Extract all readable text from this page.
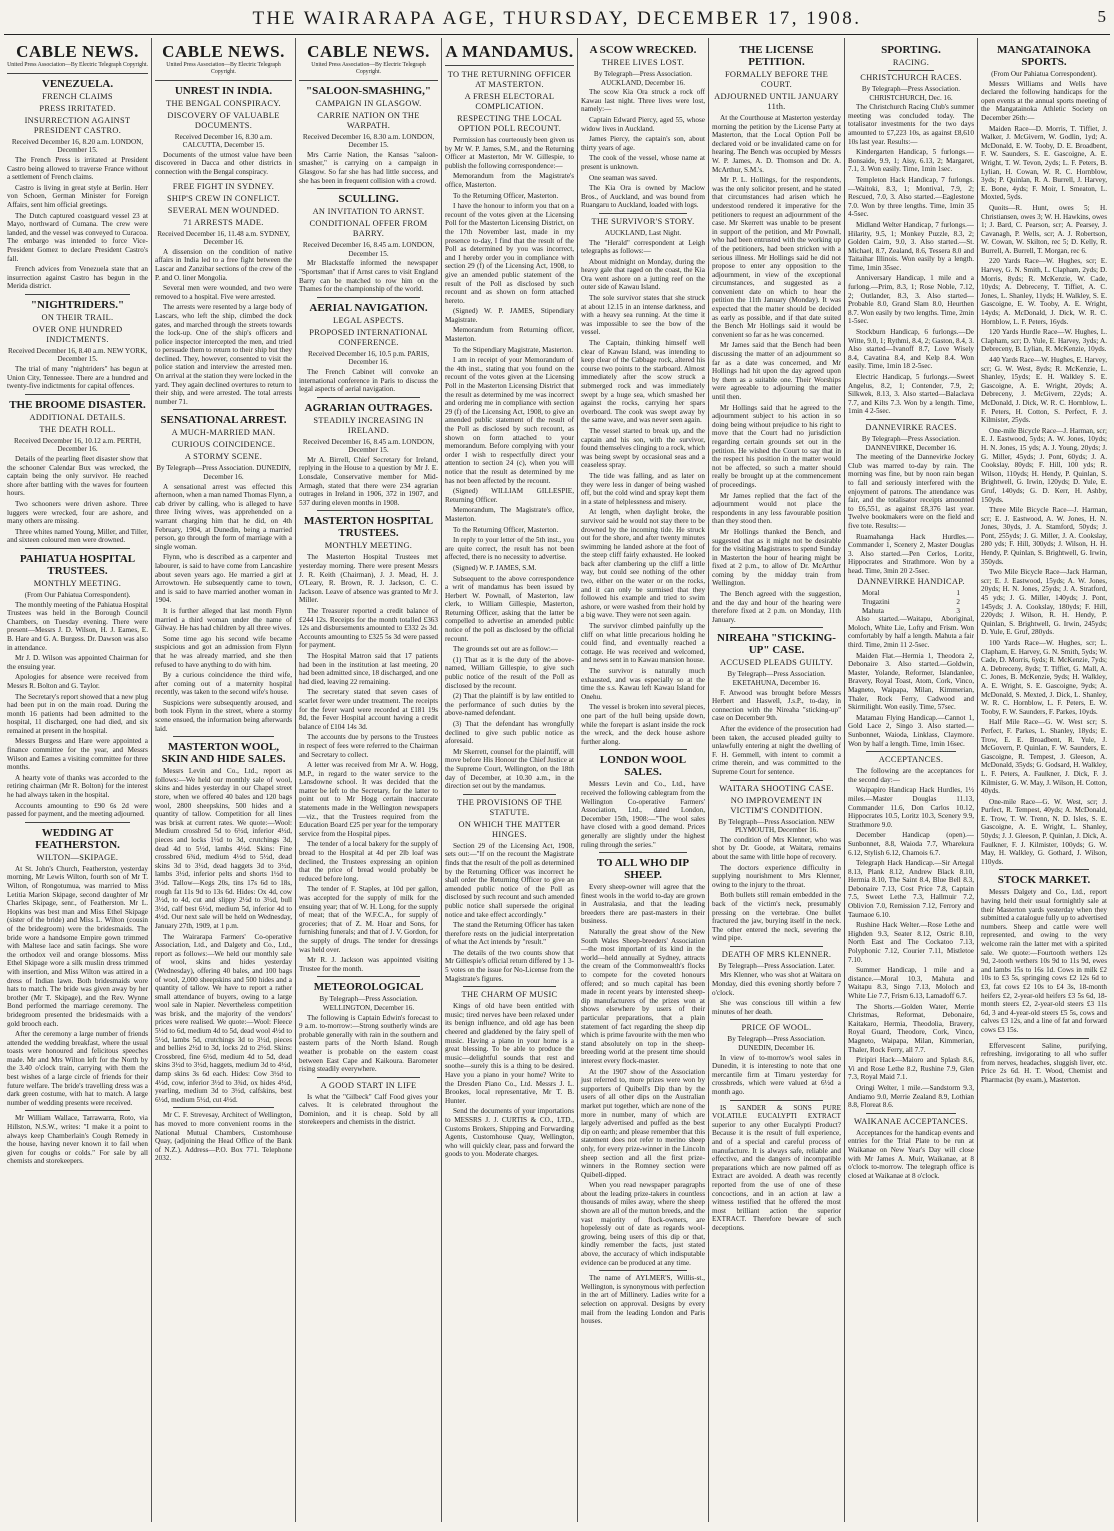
THE WAIRARAPA AGE, THURSDAY, DECEMBER 17, 1908.	5
CABLE NEWS.
United Press Association—By Electric Telegraph Copyright.
VENEZUELA.
FRENCH CLAIMS
PRESS IRRITATED.
INSURRECTION AGAINST PRESIDENT CASTRO.
Received December 16, 8.20 a.m. LONDON, December 15.

The French Press is irritated at President Castro being allowed to traverse France without a settlement of French claims.

Castro is living in great style at Berlin. Herr von Schoen, German Minister for Foreign Affairs, sent him official greetings.

The Dutch captured coastguard vessel 23 at Mayo, northward of Cumana. The crew were landed, and the vessel was conveyed to Curacoa. The embargo was intended to force Vice-President Gomez to declare President Castro's fall.

French advices from Venezuela state that an insurrection against Castro has begun in the Merida district.

"NIGHTRIDERS."
ON THEIR TRAIL.
OVER ONE HUNDRED INDICTMENTS.
Received December 16, 8.40 a.m. NEW YORK, December 15.

The trial of many "nightriders" has begun at Union City, Tennessee. There are a hundred and twenty-five indictments for capital offences.

THE BROOME DISASTER.
ADDITIONAL DETAILS.
THE DEATH ROLL.
Received December 16, 10.12 a.m. PERTH, December 16.

Details of the pearling fleet disaster show that the schooner Calendar Bux was wrecked, the captain being the only survivor. He reached shore after battling with the waves for fourteen hours.

Two schooners were driven ashore. Three luggers were wrecked, four are ashore, and many others are missing.

Three whites named Young, Miller, and Tiller, and sixteen coloured men were drowned.

PAHIATUA HOSPITAL TRUSTEES.
MONTHLY MEETING.
(From Our Pahiatua Correspondent).

The monthly meeting of the Pahiatua Hospital Trustees was held in the Borough Council Chambers, on Tuesday evening. There were present—Messrs J. D. Wilson, H. J. Eames, E. B. Hare and G. A. Burgess. Dr. Dawson was also in attendance.

Mr J. D. Wilson was appointed Chairman for the ensuing year.

Apologies for absence were received from Messrs R. Bolton and G. Taylor.

The Secretary's report showed that a new plug had been put in on the main road. During the month 16 patients had been admitted to the hospital, 11 discharged, one had died, and six remained at present in the hospital.

Messrs Burgess and Hare were appointed a finance committee for the year, and Messrs Wilson and Eames a visiting committee for three months.

A hearty vote of thanks was accorded to the retiring chairman (Mr R. Bolton) for the interest he had always taken in the hospital.

Accounts amounting to £90 6s 2d were passed for payment, and the meeting adjourned.

WEDDING AT FEATHERSTON.
WILTON—SKIPAGE.

At St. John's Church, Featherston, yesterday morning, Mr Lewis Wilton, fourth son of Mr T. Wilton, of Rongotumua, was married to Miss Letitia Marion Skipage, second daughter of Mr Charles Skipage, senr., of Featherston. Mr L. Hopkins was best man and Miss Ethel Skipage (sister of the bride) and Miss L. Wilton (cousin of the bridegroom) were the bridesmaids. The bride wore a handsome Empire gown trimmed with Maltese lace and satin facings. She wore the orthodox veil and orange blossoms. Miss Ethel Skipage wore a silk muslin dress trimmed with insertion, and Miss Wilton was attired in a dress of Indian lawn. Both bridesmaids wore hats to match. The bride was given away by her brother (Mr T. Skipage), and the Rev. Wynne Bond performed the marriage ceremony. The bridegroom presented the bridesmaids with a gold brooch each.

After the ceremony a large number of friends attended the wedding breakfast, where the usual toasts were honoured and felicitous speeches made. Mr and Mrs Wilton left for the North by the 3.40 o'clock train, carrying with them the best wishes of a large circle of friends for their future welfare. The bride's travelling dress was a dark green costume, with hat to match. A large number of wedding presents were received.

Mr William Wallace, Tarrawarra, Roto, via Hillston, N.S.W., writes: "I make it a point to always keep Chamberlain's Cough Remedy in the house, having never known it to fail when given for coughs or colds." For sale by all chemists and storekeepers.

CABLE NEWS.
United Press Association—By Electric Telegraph Copyright.
UNREST IN INDIA.
THE BENGAL CONSPIRACY.
DISCOVERY OF VALUABLE DOCUMENTS.
Received December 16, 8.30 a.m. CALCUTTA, December 15.

Documents of the utmost value have been discovered in Dacca and other districts in connection with the Bengal conspiracy.

FREE FIGHT IN SYDNEY.
SHIP'S CREW IN CONFLICT.
SEVERAL MEN WOUNDED.
71 ARRESTS MADE.
Received December 16, 11.48 a.m. SYDNEY, December 16.

A dissension on the condition of native affairs in India led to a free fight between the Lascar and Zanzibar sections of the crew of the P. and O. liner Mongolia.

Several men were wounded, and two were removed to a hospital. Five were arrested.

The arrests were resented by a large body of Lascars, who left the ship, climbed the dock gates, and marched through the streets towards the lock-up. One of the ship's officers and police inspector intercepted the men, and tried to persuade them to return to their ship but they declined. They, however, consented to visit the police station and interview the arrested men. On arrival at the station they were locked in the yard. They again declined overtures to return to their ship, and were arrested. The total arrests number 71.

SENSATIONAL ARREST.
A MUCH-MARRIED MAN.
CURIOUS COINCIDENCE.
A STORMY SCENE.
By Telegraph—Press Association. DUNEDIN, December 16.

A sensational arrest was effected this afternoon, when a man named Thomas Flynn, a cab driver by calling, who is alleged to have three living wives, was apprehended on a warrant charging him that he did, on 4th February, 1904, at Dunedin, being a married person, go through the form of marriage with a single woman.

Flynn, who is described as a carpenter and labourer, is said to have come from Lancashire about seven years ago. He married a girl at Arrowtown. He subsequently came to town, and is said to have married another woman in 1904.

It is further alleged that last month Flynn married a third woman under the name of Gilway. He has had children by all three wives.

Some time ago his second wife became suspicious and got an admission from Flynn that he was already married, and she then refused to have anything to do with him.

By a curious coincidence the third wife, after coming out of a maternity hospital recently, was taken to the second wife's house.

Suspicions were subsequently aroused, and both took Flynn in the street, where a stormy scene ensued, the information being afterwards laid.

MASTERTON WOOL, SKIN AND HIDE SALES.

Messrs Levin and Co., Ltd., report as follows:—We held our monthly sale of wool, skins and hides yesterday in our Chapel street store, when we offered 40 bales and 120 bags wool, 2800 sheepskins, 500 hides and a quantity of tallow. Competition for all lines was brisk at current rates. We quote:—Wool: Medium crossbred 5d to 6½d, inferior 4½d, pieces and locks 1½d to 3d, crutchings 3d, dead 4d to 5½d, lambs 4½d. Skins: Fine crossbred 6¾d, medium 4½d to 5½d, dead skins 3d to 3½d, dead haggets 3d to 3½d, lambs 3½d, inferior pelts and shorts 1½d to 3½d. Tallow—Kegs 20s, tins 17s 6d to 18s, rough fat 11s 9d to 13s 6d. Hides: Ox 4d, cow 3½d, to 4d, cut and slippy 2½d to 3½d, bull 3½d, calf best 6½d, medium 5d, inferior 4d to 4½d. Our next sale will be held on Wednesday, January 27th, 1909, at 1 p.m.

The Wairarapa Farmers' Co-operative Association, Ltd., and Dalgety and Co., Ltd., report as follows:—We held our monthly sale of wool, skins and hides yesterday (Wednesday), offering 40 bales, and 100 bags of wool, 2,000 sheepskins and 500 hides and a quantity of tallow. We have to report a rather small attendance of buyers, owing to a large wool sale in Napier. Nevertheless competition was brisk, and the majority of the vendors' prices were realised. We quote:—Wool: Fleece 5½d to 6d, medium 4d to 5d, dead wool 4½d to 5½d, lambs 5d, crutchings 3d to 3½d, pieces and bellies 2½d to 3d, locks 2d to 2½d. Skins: Crossbred, fine 6½d, medium 4d to 5d, dead skins 3½d to 3½d, haggets, medium 3d to 4½d, damp skins 3s 6d each. Hides: Cow 3½d to 4½d, cow, inferior 3½d to 3¾d, ox hides 4½d, yearling, medium 3d to 3½d, calfskins, best 6½d, medium 5½d, cut 4½d.

Mr C. F. Strevesay, Architect of Wellington, has moved to more convenient rooms in the National Mutual Chambers, Customhouse Quay, (adjoining the Head Office of the Bank of N.Z.). Address—P.O. Box 771. Telephone 2032.

CABLE NEWS.
United Press Association—By Electric Telegraph Copyright.
"SALOON-SMASHING,"
CAMPAIGN IN GLASGOW.
CARRIE NATION ON THE WARPATH.
Received December 16, 8.30 a.m. LONDON, December 15.

Mrs Carrie Nation, the Kansas "saloon-smasher," is carrying on a campaign in Glasgow. So far she has had little success, and she has been in frequent collision with a crowd.

SCULLING.
AN INVITATION TO ARNST.
CONDITIONAL OFFER FROM BARRY.
Received December 16, 8.45 a.m. LONDON, December 15.

Mr Blackstaffe informed the newspaper "Sportsman" that if Arnst cares to visit England Barry can be matched to row him on the Thames for the championship of the world.

AERIAL NAVIGATION.
LEGAL ASPECTS.
PROPOSED INTERNATIONAL CONFERENCE.
Received December 16, 10.5 p.m. PARIS, December 16.

The French Cabinet will convoke an international conference in Paris to discuss the legal aspects of aerial navigation.

AGRARIAN OUTRAGES.
STEADILY INCREASING IN IRELAND.
Received December 16, 8.45 a.m. LONDON, December 15.

Mr A. Birrell, Chief Secretary for Ireland, replying in the House to a question by Mr J. E. Lonsdale, Conservative member for Mid-Armagh, stated that there were 234 agrarian outrages in Ireland in 1906, 372 in 1907, and 537 during eleven months in 1908.

MASTERTON HOSPITAL TRUSTEES.
MONTHLY MEETING.

The Masterton Hospital Trustees met yesterday morning. There were present Messrs J. R. Keith (Chairman), J. J. Mead, H. J. O'Leary, R. Brown, R. J. Jackson, C. C. Jackson. Leave of absence was granted to Mr J. Miller.

The Treasurer reported a credit balance of £244 12s. Receipts for the month totalled £363 12s and disbursements amounted to £332 2s 3d. Accounts amounting to £325 5s 3d were passed for payment.

The Hospital Matron said that 17 patients had been in the institution at last meeting, 20 had been admitted since, 18 discharged, and one had died, leaving 22 remaining.

The secretary stated that seven cases of scarlet fever were under treatment. The receipts for the fever ward were recorded at £181 19s 8d, the Fever Hospital account having a credit balance of £104 14s 3d.

The accounts due by persons to the Trustees in respect of fees were referred to the Chairman and Secretary to collect.

A letter was received from Mr A. W. Hogg, M.P., in regard to the water service to the Lansdowne school. It was decided that the matter be left to the Secretary, for the latter to point out to Mr Hogg certain inaccurate statements made in the Wellington newspapers—viz., that the Trustees required from the Education Board £25 per year for the temporary service from the Hospital pipes.

The tender of a local bakery for the supply of bread to the Hospital at 4d per 2lb loaf was declined, the Trustees expressing an opinion that the price of bread would probably be reduced before long.

The tender of F. Staples, at 10d per gallon, was accepted for the supply of milk for the ensuing year; that of W. H. Long, for the supply of meat; that of the W.F.C.A., for supply of groceries; that of Z. M. Hoar and Sons, for furnishing funerals; and that of J. V. Gordon, for the supply of drugs. The tender for dressings was held over.

Mr R. J. Jackson was appointed visiting Trustee for the month.

METEOROLOGICAL
By Telegraph—Press Association. WELLINGTON, December 16.

The following is Captain Edwin's forecast to 9 a.m. to-morrow:—Strong southerly winds are probable generally with rain in the southern and eastern parts of the North Island. Rough weather is probable on the eastern coast between East Cape and Kaikoura. Barometer rising steadily everywhere.

A GOOD START IN LIFE

Is what the "Gilbeck" Calf Food gives your calves. It is celebrated throughout the Dominion, and it is cheap. Sold by all storekeepers and chemists in the district.

A MANDAMUS.
TO THE RETURNING OFFICER AT MASTERTON.
A FRESH ELECTORAL COMPLICATION.
RESPECTING THE LOCAL OPTION POLL RECOUNT.

Permission has courteously been given us by Mr W. P. James, S.M., and the Returning Officer at Masterton, Mr W. Gillespie, to publish the following correspondence:—

Memorandum from the Magistrate's office, Masterton.

To the Returning Officer, Masterton.

I have the honour to inform you that on a recount of the votes given at the Licensing Poll for the Masterton Licensing District, on the 17th November last, made in my presence to-day, I find that the result of the Poll as determined by you was incorrect, and I hereby order you in compliance with section 29 (f) of the Licensing Act, 1908, to give an amended public statement of the result of the Poll as disclosed by such recount and as shown on form attached hereto.

(Signed) W. P. JAMES, Stipendiary Magistrate.

Memorandum from Returning officer, Masterton.

To the Stipendiary Magistrate, Masterton.

I am in receipt of your Memorandum of the 4th inst., stating that you found on the recount of the votes given at the Licensing Poll in the Masterton Licensing District that the result as determined by me was incorrect and ordering me in compliance with section 29 (f) of the Licensing Act, 1908, to give an amended public statement of the result of the Poll as disclosed by such recount, as shown on form attached to your memorandum. Before complying with your order I wish to respectfully direct your attention to section 24 (c), when you will notice that the result as determined by me has not been affected by the recount.

(Signed) WILLIAM GILLESPIE, Returning Officer.

Memorandum, The Magistrate's office, Masterton.

To the Returning Officer, Masterton.

In reply to your letter of the 5th inst., you are quite correct, the result has not been affected, there is no necessity to advertise.

(Signed) W. P. JAMES, S.M.

Subsequent to the above correspondence a writ of mandamus has been issued by Herbert W. Pownall, of Masterton, law clerk, to William Gillespie, Masterton, Returning Officer, asking that the latter be compelled to advertise an amended public notice of the poll as disclosed by the official recount.

The grounds set out are as follow:—

(1) That as it is the duty of the above-named, William Gillespie, to give such public notice of the result of the Poll as disclosed by the recount.

(2) That the plaintiff is by law entitled to the performance of such duties by the above-named defendant.

(3) That the defendant has wrongfully declined to give such public notice as aforesaid.

Mr Skerrett, counsel for the plaintiff, will move before His Honour the Chief Justice at the Supreme Court, Wellington, on the 18th day of December, at 10.30 a.m., in the direction set out by the mandamus.

THE PROVISIONS OF THE STATUTE.
ON WHICH THE MATTER HINGES.

Section 29 of the Licensing Act, 1908, sets out:—"If on the recount the Magistrate finds that the result of the poll as determined by the Returning Officer was incorrect he shall order the Returning Officer to give an amended public notice of the Poll as disclosed by such recount and such amended public notice shall supersede the original notice and take effect accordingly."

The stand the Returning Officer has taken therefore rests on the judicial interpretation of what the Act intends by "result."

The details of the two counts show that Mr Gillespie's official return differed by 1 3-5 votes on the issue for No-License from the Magistrate's figures.

THE CHARM OF MUSIC

Kings of old have been entitled with music; tired nerves have been relaxed under its benign influence, and old age has been cheered and gladdened by the fairy spell of music. Having a piano in your home is a great blessing. To be able to produce the music—delightful sounds that rest and soothe—surely this is a thing to be desired. Have you a piano in your home? Write to the Dresden Piano Co., Ltd. Messrs J. L. Brookes, local representative, Mr T. B. Hunter.

Send the documents of your importations to MESSRS J. J. CURTIS & CO., LTD., Customs Brokers, Shipping and Forwarding Agents, Customhouse Quay, Wellington, who will quickly clear, pass and forward the goods to you. Moderate charges.

A SCOW WRECKED.
THREE LIVES LOST.
By Telegraph—Press Association. AUCKLAND, December 16.

The scow Kia Ora struck a rock off Kawau last night. Three lives were lost, namely:—

Captain Edward Piercy, aged 55, whose widow lives in Auckland.

James Piercy, the captain's son, about thirty years of age.

The cook of the vessel, whose name at present is unknown.

One seaman was saved.

The Kia Ora is owned by Maclow Bros., of Auckland, and was bound from Ruangaru to Auckland, loaded with logs.

THE SURVIVOR'S STORY.
AUCKLAND, Last Night.

The "Herald" correspondent at Leigh telegraphs as follows:—

About midnight on Monday, during the heavy gale that raged on the coast, the Kia Ora went ashore on a jutting reef on the outer side of Kawau Island.

The sole survivor states that she struck at about 12.15 in an intense darkness, and with a heavy sea running. At the time it was impossible to see the bow of the vessel.

The Captain, thinking himself well clear of Kawau Island, was intending to keep clear of the Cabbage rock, altered his course two points to the starboard. Almost immediately after the scow struck a submerged rock and was immediately swept by a huge sea, which smashed her against the rocks, carrying her spars overboard. The cook was swept away by the same wave, and was never seen again.

The vessel started to break up, and the captain and his son, with the survivor, found themselves clinging to a rock, which was being swept by occasional seas and a ceaseless spray.

The tide was falling, and as later on they were less in danger of being washed off, but the cold wind and spray kept them in a state of helplessness and misery.

At length, when daylight broke, the survivor said he would not stay there to be drowned by the incoming tide. He struck out for the shore, and after twenty minutes swimming he landed ashore at the foot of the steep cliff fairly exhausted. He looked back after clambering up the cliff a little way, but could see nothing of the other two, either on the water or on the rocks, and it can only be surmised that they followed his example and tried to swim ashore, or were washed from their hold by a big wave. They were not seen again.

The survivor climbed painfully up the cliff on what little precarious holding he could find, and eventually reached a cottage. He was received and welcomed, and news sent in to Kawau mansion house.

The survivor is naturally much exhausted, and was especially so at the time the s.s. Kawau left Kawau Island for Onehu.

The vessel is broken into several pieces, one part of the hull being upside down, while the forepart is aslant inside the rock the wreck, and the deck house ashore further along.

LONDON WOOL SALES.

Messrs Levin and Co., Ltd., have received the following cablegram from the Wellington Co-operative Farmers' Association, Ltd., dated London, December 15th, 1908:—"The wool sales have closed with a good demand. Prices generally are slightly under the highest ruling through the series."

TO ALL WHO DIP SHEEP.

Every sheep-owner will agree that the finest wools in the world to-day are grown in Australasia, and that the leading breeders there are past-masters in their business.

Naturally the great show of the New South Wales Sheep-breeders' Association—the most important of its kind in the world—held annually at Sydney, attracts the cream of the Commonwealth's flocks to compete for the coveted honours offered; and so much capital has been made in recent years by interested sheep-dip manufacturers of the prizes won at shows elsewhere by users of their particular preparations, that a plain statement of fact regarding the sheep dip which is prime favourite with the men who stand absolutely on top in the sheep-breeding world at the present time should interest every flock-master.

At the 1907 show of the Association just referred to, more prizes were won by supporters of Quibell's Dip than by the users of all other dips on the Australian market put together, which are none of the more in number, many of which are largely advertised and puffed as the best dip on earth; and please remember that this statement does not refer to merino sheep only, for every prize-winner in the Lincoln sheep section and all the first prize-winners in the Romney section were Quibell-dipped.

When you read newspaper paragraphs about the leading prize-takers in countless thousands of miles away, where the sheep shown are all of the mutton breeds, and the vast majority of flock-owners, are hopelessly out of date as regards wool-growing, being users of this dip or that, kindly remember the facts, just stated above, the accuracy of which indisputable evidence can be produced at any time.

The name of AYLMER'S, Willis-st., Wellington, is synonymous with perfection in the art of Millinery. Ladies write for a selection on approval. Designs by every mail from the leading London and Paris houses.

THE LICENSE PETITION.
FORMALLY BEFORE THE COURT.
ADJOURNED UNTIL JANUARY 11th.

At the Courthouse at Masterton yesterday morning the petition by the License Party at Masterton, that the Local Option Poll be declared void or be invalidated came on for hearing. The Bench was occupied by Messrs W. P. James, A. D. Thomson and Dr. A. McArthur, S.M.'s.

Mr P. L. Hollings, for the respondents, was the only solicitor present, and he stated that circumstances had arisen which he understood rendered it imperative for the petitioners to request an adjournment of the case. Mr Skerrett was unable to be present in support of the petition, and Mr Pownall, who had been entrusted with the working up of the petitioners, had been stricken with a serious illness. Mr Hollings said he did not propose to enter any opposition to the adjournment, in view of the exceptional circumstances, and suggested as a convenient date on which to hear the petition the 11th January (Monday). It was expected that the matter should be decided as early as possible, and if that date suited the Bench Mr Hollings said it would be convenient so far as he was concerned.

Mr James said that the Bench had been discussing the matter of an adjournment so far as a date was concerned, and Mr Hollings had hit upon the day agreed upon by them as a suitable one. Their Worships were agreeable to adjourning the matter until then.

Mr Hollings said that he agreed to the adjournment subject to his action in so doing being without prejudice to his right to move that the Court had no jurisdiction regarding certain grounds set out in the petition. He wished the Court to say that in the respect his position in the matter would not be affected, so such a matter should really be brought up at the commencement of proceedings.

Mr James replied that the fact of the adjournment would not place the respondents in any less favourable position than they stood then.

Mr Hollings thanked the Bench, and suggested that as it might not be desirable for the visiting Magistrates to spend Sunday in Masterton the hour of hearing might be fixed at 2 p.m., to allow of Dr. McArthur coming by the midday train from Wellington.

The Bench agreed with the suggestion, and the day and hour of the hearing were therefore fixed at 2 p.m. on Monday, 11th January.

NIREAHA "STICKING-UP" CASE.
ACCUSED PLEADS GUILTY.
By Telegraph—Press Association. EKETAHUNA, December 16.

F. Atwood was brought before Messrs Herbert and Haswell, J.s.P., to-day, in connection with the Nireaha "sticking-up" case on December 9th.

After the evidence of the prosecution had been taken, the accused pleaded guilty to unlawfully entering at night the dwelling of F. H. Gemmell, with intent to commit a crime therein, and was committed to the Supreme Court for sentence.

WAITARA SHOOTING CASE.
NO IMPROVEMENT IN VICTIM'S CONDITION.
By Telegraph—Press Association. NEW PLYMOUTH, December 16.

The condition of Mrs Klenner, who was shot by Dr. Goode, at Waitara, remains about the same with little hope of recovery.

The doctors experience difficulty in supplying nourishment to Mrs Klenner, owing to the injury to the throat.

Both bullets still remain embedded in the back of the victim's neck, presumably pressing on the vertebrae. One bullet fractured the jaw, burying itself in the neck. The other entered the neck, severing the wind pipe.

DEATH OF MRS KLENNER.
By Telegraph—Press Association. Later.

Mrs Klenner, who was shot at Waitara on Monday, died this evening shortly before 7 o'clock.

She was conscious till within a few minutes of her death.

PRICE OF WOOL.
By Telegraph—Press Association. DUNEDIN, December 16.

In view of to-morrow's wool sales in Dunedin, it is interesting to note that one mercantile firm at Timaru yesterday for crossbreds, which were valued at 6½d a month ago.

IS SANDER & SONS PURE VOLATILE EUCALYPTI EXTRACT superior to any other Eucalypti Product? Because it is the result of full experience, and of a special and careful process of manufacture. It is always safe, reliable and effective, and the dangers of incompatible preparations which are now palmed off as Extract are avoided. A death was recently reported from the use of one of these concoctions, and in an action at law a witness testified that he offered the most most brilliant action the superior EXTRACT. Therefore beware of such deceptions.

SPORTING.
RACING.
CHRISTCHURCH RACES.
By Telegraph—Press Association. CHRISTCHURCH, Dec. 16.

The Christchurch Racing Club's summer meeting was concluded today. The totalisator investments for the two days amounted to £7,223 10s, as against £8,610 10s last year. Results:—

Kindergarten Handicap, 5 furlongs.—Bonsaide, 9.9, 1; Aisy, 6.13, 2; Margaret, 7.1, 3. Won easily. Time, 1min 1sec.

Templeton Hack Handicap, 7 furlongs.—Waitoki, 8.3, 1; Montival, 7.9, 2; Rescued, 7.0, 3. Also started.—Eaglestone 7.0. Won by three lengths. Time, 1min 35 4-5sec.

Midland Welter Handicap, 7 furlongs.—Hilarity, 9.5, 1; Monkey Puzzle, 8.3, 2; Golden Cairn, 9.0, 3. Also started.—St. Michael, 8.7, Zealand, 8.6, Tessera 8.0 and Taitaihar Illinois. Won easily by a length. Time, 1min 35sec.

Anniversary Handicap, 1 mile and a furlong.—Prim, 8.3, 1; Rose Noble, 7.12, 2; Outlander, 8.3, 3. Also started—Probable 8.0, Grand Slam 8.0, Heurthen 8.7. Won easily by two lengths. Time, 2min 1-5sec.

Stockburn Handicap, 6 furlongs.—De Witte, 9.0, 1; Rythmi, 8.4, 2; Gaston, 8.4, 3. Also started—Ivanoff 8.7, Love Wisely 8.4, Cavatina 8.4, and Kelp 8.4. Won easily. Time, 1min 18 2-5sec.

Electric Handicap, 5 furlongs.—Sweet Angelus, 8.2, 1; Contender, 7.9, 2; Silkwek, 8.13, 3. Also started—Balaclava 7.7, and Kilts 7.3. Won by a length. Time, 1min 4 2-5sec.

DANNEVIRKE RACES.
By Telegraph—Press Association. DANNEVIRKE, December 16.

The meeting of the Dannevirke Jockey Club was marred to-day by rain. The morning was fine, but by noon rain began to fall and seriously interfered with the enjoyment of patrons. The attendance was fair, and the totalisator receipts amounted to £6,551, as against £8,376 last year. Twelve bookmakers were on the field and five tote. Results:—

Ruamahanga Hack Hurdles.—Commander 1, Scenery 2, Master Douglas 3. Also started.—Pen Cerlos, Loritz, Hippocrates and Strathmore. Won by a head. Time, 3min 20 2-5sec.

DANNEVIRKE HANDICAP.
Moral	1
Trugazini	2
Mahuta	3

Also started.—Waitapu, Aboriginal, Moloch, White Lie, Lofty and Frism. Won comfortably by half a length. Mahuta a fair third. Time, 2min 11 2-5sec.

Maiden Flat.—Hermia 1, Theodora 2, Debonaire 3. Also started.—Goldwin, Master, Yolande, Reformer, Islandanlee, Bravery, Royal Toast, Atom, Cork, Vinco, Magneto, Waipapa, Milan, Kimmerian, Thaler, Rock Ferry, Cadwood and Skirmilight. Won easily. Time, 57sec.

Matamau Flying Handicap.—Cannot 1, Gold Lace 2, Singo 3. Also started.—Sunbonnet, Waioda, Linklass, Claymore. Won by half a length. Time, 1min 16sec.

ACCEPTANCES.

The following are the acceptances for the second day:—

Waipapiro Handicap Hack Hurdles, 1½ miles.—Master Douglas 11.13, Commander 11.6, Don Carlos 10.12, Hippocrates 10.5, Loritz 10.3, Scenery 9.9, Strathmore 9.0.

December Handicap (open).—Sunbonnet, 8.8, Waioda 7.7, Wharekura 6.12, Stylish 6.12, Chamois 6.7.

Telegraph Hack Handicap.—Sir Artegal 8.13, Plank 8.12, Andrew Black 8.10, Hermia 8.10, The Saint 8.4, Blue Bell 8.3, Debonaire 7.13, Cost Price 7.8, Captain 7.5, Sweet Lethe 7.3, Hallmuir 7.2, Oblivion 7.0, Remission 7.12, Ferrory and Taumaoe 6.10.

Rushine Hack Welter.—Rose Lethe and Highden 9.3, Seater 8.12, Ostric 8.10, North East and The Cockatoo 7.13, Polyphonic 7.12, Courier 7.11, Mistletoe 7.10.

Summer Handicap, 1 mile and a distance.—Moral 10.3, Mahuta and Waitapu 8.3, Singo 7.13, Moloch and White Lie 7.7, Frism 6.13, Lamadoff 6.7.

The Shorts.—Golden Water, Merrie Christmas, Reformat, Debonaire, Kaitakaro, Hermia, Theodolia, Bravery, Royal Guard, Theodore, Cork, Vinco, Magneto, Waipapa, Milan, Kimmerian, Thaler, Rock Ferry, all 7.7.

Piripiri Hack—Maioro and Splash 8.6, Vi and Rose Lethe 8.2, Rushine 7.9, Glen 7.3, Royal Maid 7.1.

Oringi Welter, 1 mile.—Sandstorm 9.3, Andiamo 9.0, Merrie Zealand 8.9, Lothian 8.8, Floreat 8.6.

WAIKANAE ACCEPTANCES.

Acceptances for the handicap events and entries for the Trial Plate to be run at Waikanae on New Year's Day will close with Mr James A. Muir, Waikanae, at 8 o'clock to-morrow. The telegraph office is closed at Waikanae at 8 o'clock.

MANGATAINOKA SPORTS.
(From Our Pahiatua Correspondent).

Messrs Williams and Wells have declared the following handicaps for the open events at the annual sports meeting of the Mangatainoka Athletic Society on December 26th:—

Maiden Race—D. Morris, T. Tiffiet, J. Walker, J. McGivern, W. Godlin, 1yd; A. McDonald, E. W. Tooby, D. E. Broadbent, F. W. Saunders, S. E. Gascoigne, A. E. Wright, T. W. Tevon, 2yds; L. F. Peters, B. Lylian, H. Cowan, W. R. C. Hornblow, 3yds; P. Quinlan, R. A. Burrell, J. Harvey, E. Bone, 4yds; F. Moir, I. Smeaton, L. Moxted, 5yds.

Quoits—R. Hunt, owes 5; H. Christiansen, owes 3; W. H. Hawkins, owes 1; J. Bard, C. Pearson, scr; A. Pearsey, J. Cavanagh, P. Wells, scr; A. J. Robertson, W. Cowan, W. Skilton, rec 5; D. Kelly, R. Burrell, A. Burrell, T. Morgan, rec 6.

220 Yards Race—W. Hughes, scr; E. Harvey, G. N. Smith, L. Clapham, 2yds; D. Morris, 8yds; R. McKenzie, W. Cade, 10yds; A. Debreceny, T. Tiffiet, A. C. Jones, L. Shanley, 11yds; H. Walkley, S. E. Gascoigne, E. W. Tooby, A. E. Wright, 14yds; A. McDonald, J. Dick, W. R. C. Hornblow, L. F. Peters, 16yds.

120 Yards Hurdle Race—W. Hughes, L. Clapham, scr; D. Yule, E. Harvey, 3yds; A. Debreceny, B. Lylian, R. McKenzie, 10yds.

440 Yards Race—W. Hughes, E. Harvey, scr; G. W. West, 8yds; R. McKenzie, L. Shanley, 15yds; E. H. Walkley S. E. Gascoigne, A. E. Wright, 20yds; A. Debreceny, J. McGivern, 22yds; A. McDonald, J. Dick, W. R. C. Hornblow, L. F. Peters, H. Cotton, S. Perfect, F. J. Kilmister, 25yds.

One-mile Bicycle Race—J. Harman, scr; E. J. Eastwood, 5yds; A. W. Jones, 10yds; H. N. Jones, 15 yds; A. J. Young, 20yds; J. G. Miller, 45yds; J. Pont, 60yds; J. A. Cookslay, 80yds; F. Hill, 100 yds; R. Wilson, 110yds; H. Hendy, P. Quinlan, S. Brightwell, G. Irwin, 120yds; D. Yule, E. Gruf, 140yds; G. D. Kerr, H. Ashby, 150yds.

Three Mile Bicycle Race—J. Harman, scr; E. J. Eastwood, A. W. Jones, H. N. Jones, 30yds, J. A. Stamford, 50yds; J. Pont, 255yds; J. G. Miller, J. A. Cookslay, 280 yds; F. Hill, 300yds; J. Wilson, H. H. Hendy, P. Quinlan, S. Brightwell, G. Irwin, 350yds.

Two Mile Bicycle Race—Jack Harman, scr; E. J. Eastwood, 15yds; A. W. Jones, 20yds; H. N. Jones, 25yds; J. A. Stratford, 45 yds; J. G. Miller, 140yds; J. Pont, 145yds; J. A. Cookslay, 180yds; F. Hill, 220yds; J. Wilson, R. H. Hendy, P. Quinlan, S. Brightwell, G. Irwin, 245yds; D. Yule, E. Gruf, 280yds.

100 Yards Race—W. Hughes, scr; L. Clapham, E. Harvey, G. N. Smith, 5yds; W. Cade, D. Morris, 6yds; R. McKenzie, 7yds; A. Debreceny, 8yds; T. Tiffiet, G. Mall, A. C. Jones, B. McKenzie, 9yds; H. Walkley, A. E. Wright, S. E. Gascoigne, 9yds; A. McDonald, S. Mexted, J. Dick, L. Shanley, W. R. C. Hornblow, L. F. Peters, E. W. Tooby, F. W. Saunders, F. Parkes, 10yds.

Half Mile Race—G. W. West scr; S. Perfect, F. Parkes, L. Shanley, 18yds; E. Trow, E. E. Broadbent, R. Yule, J. McGovern, P. Quinlan, F. W. Saunders, E. Gascoigne, R. Tempest, J. Gleeson, A. McDonald, 35yds; G. Godsard, H. Walkley, L. F. Peters, A. Faulkner, J. Dick, F. J. Kilmister, G. W. May, J. Wilson, H. Cotton, 40yds.

One-mile Race—G. W. West, scr; J. Purfect, R. Tempest, 40yds; A. McDonald, E. Trow, T. W. Trenn, N. D. Isles, S. E. Gascoigne, A. E. Wright, L. Shanley, 50yds; J. J. Gleeson, P. Quinlan, J. Dick, A. Faulkner, F. J. Kilmister, 100yds; G. W. May, H. Walkley, G. Gothard, J. Wilson, 110yds.

STOCK MARKET.

Messrs Dalgety and Co., Ltd., report having held their usual fortnightly sale at their Masterton yards yesterday when they submitted a catalogue fully up to advertised numbers. Sheep and cattle were well represented, and owing to the very welcome rain the latter met with a spirited sale. We quote:—Fourtooth wethers 12s 9d, 2-tooth wethers 10s 9d to 11s 9d, ewes and lambs 15s to 16s 1d. Cows in milk £2 10s to £3 5s, springing cows £2 12s 6d to £3, fat cows £2 10s to £4 3s, 18-month heifers £2, 2-year-old heifers £3 5s 6d, 18-month steers £2, 2-year-old steers £3 11s 6d, 3 and 4-year-old steers £5 5s, cows and calves £3 12s, and a line of fat and forward cows £3 15s.

Effervescent Saline, purifying, refreshing, invigorating to all who suffer from nerves, headaches, sluggish liver, etc. Price 2s 6d. H. T. Wood, Chemist and Pharmacist (by exam.), Masterton.
